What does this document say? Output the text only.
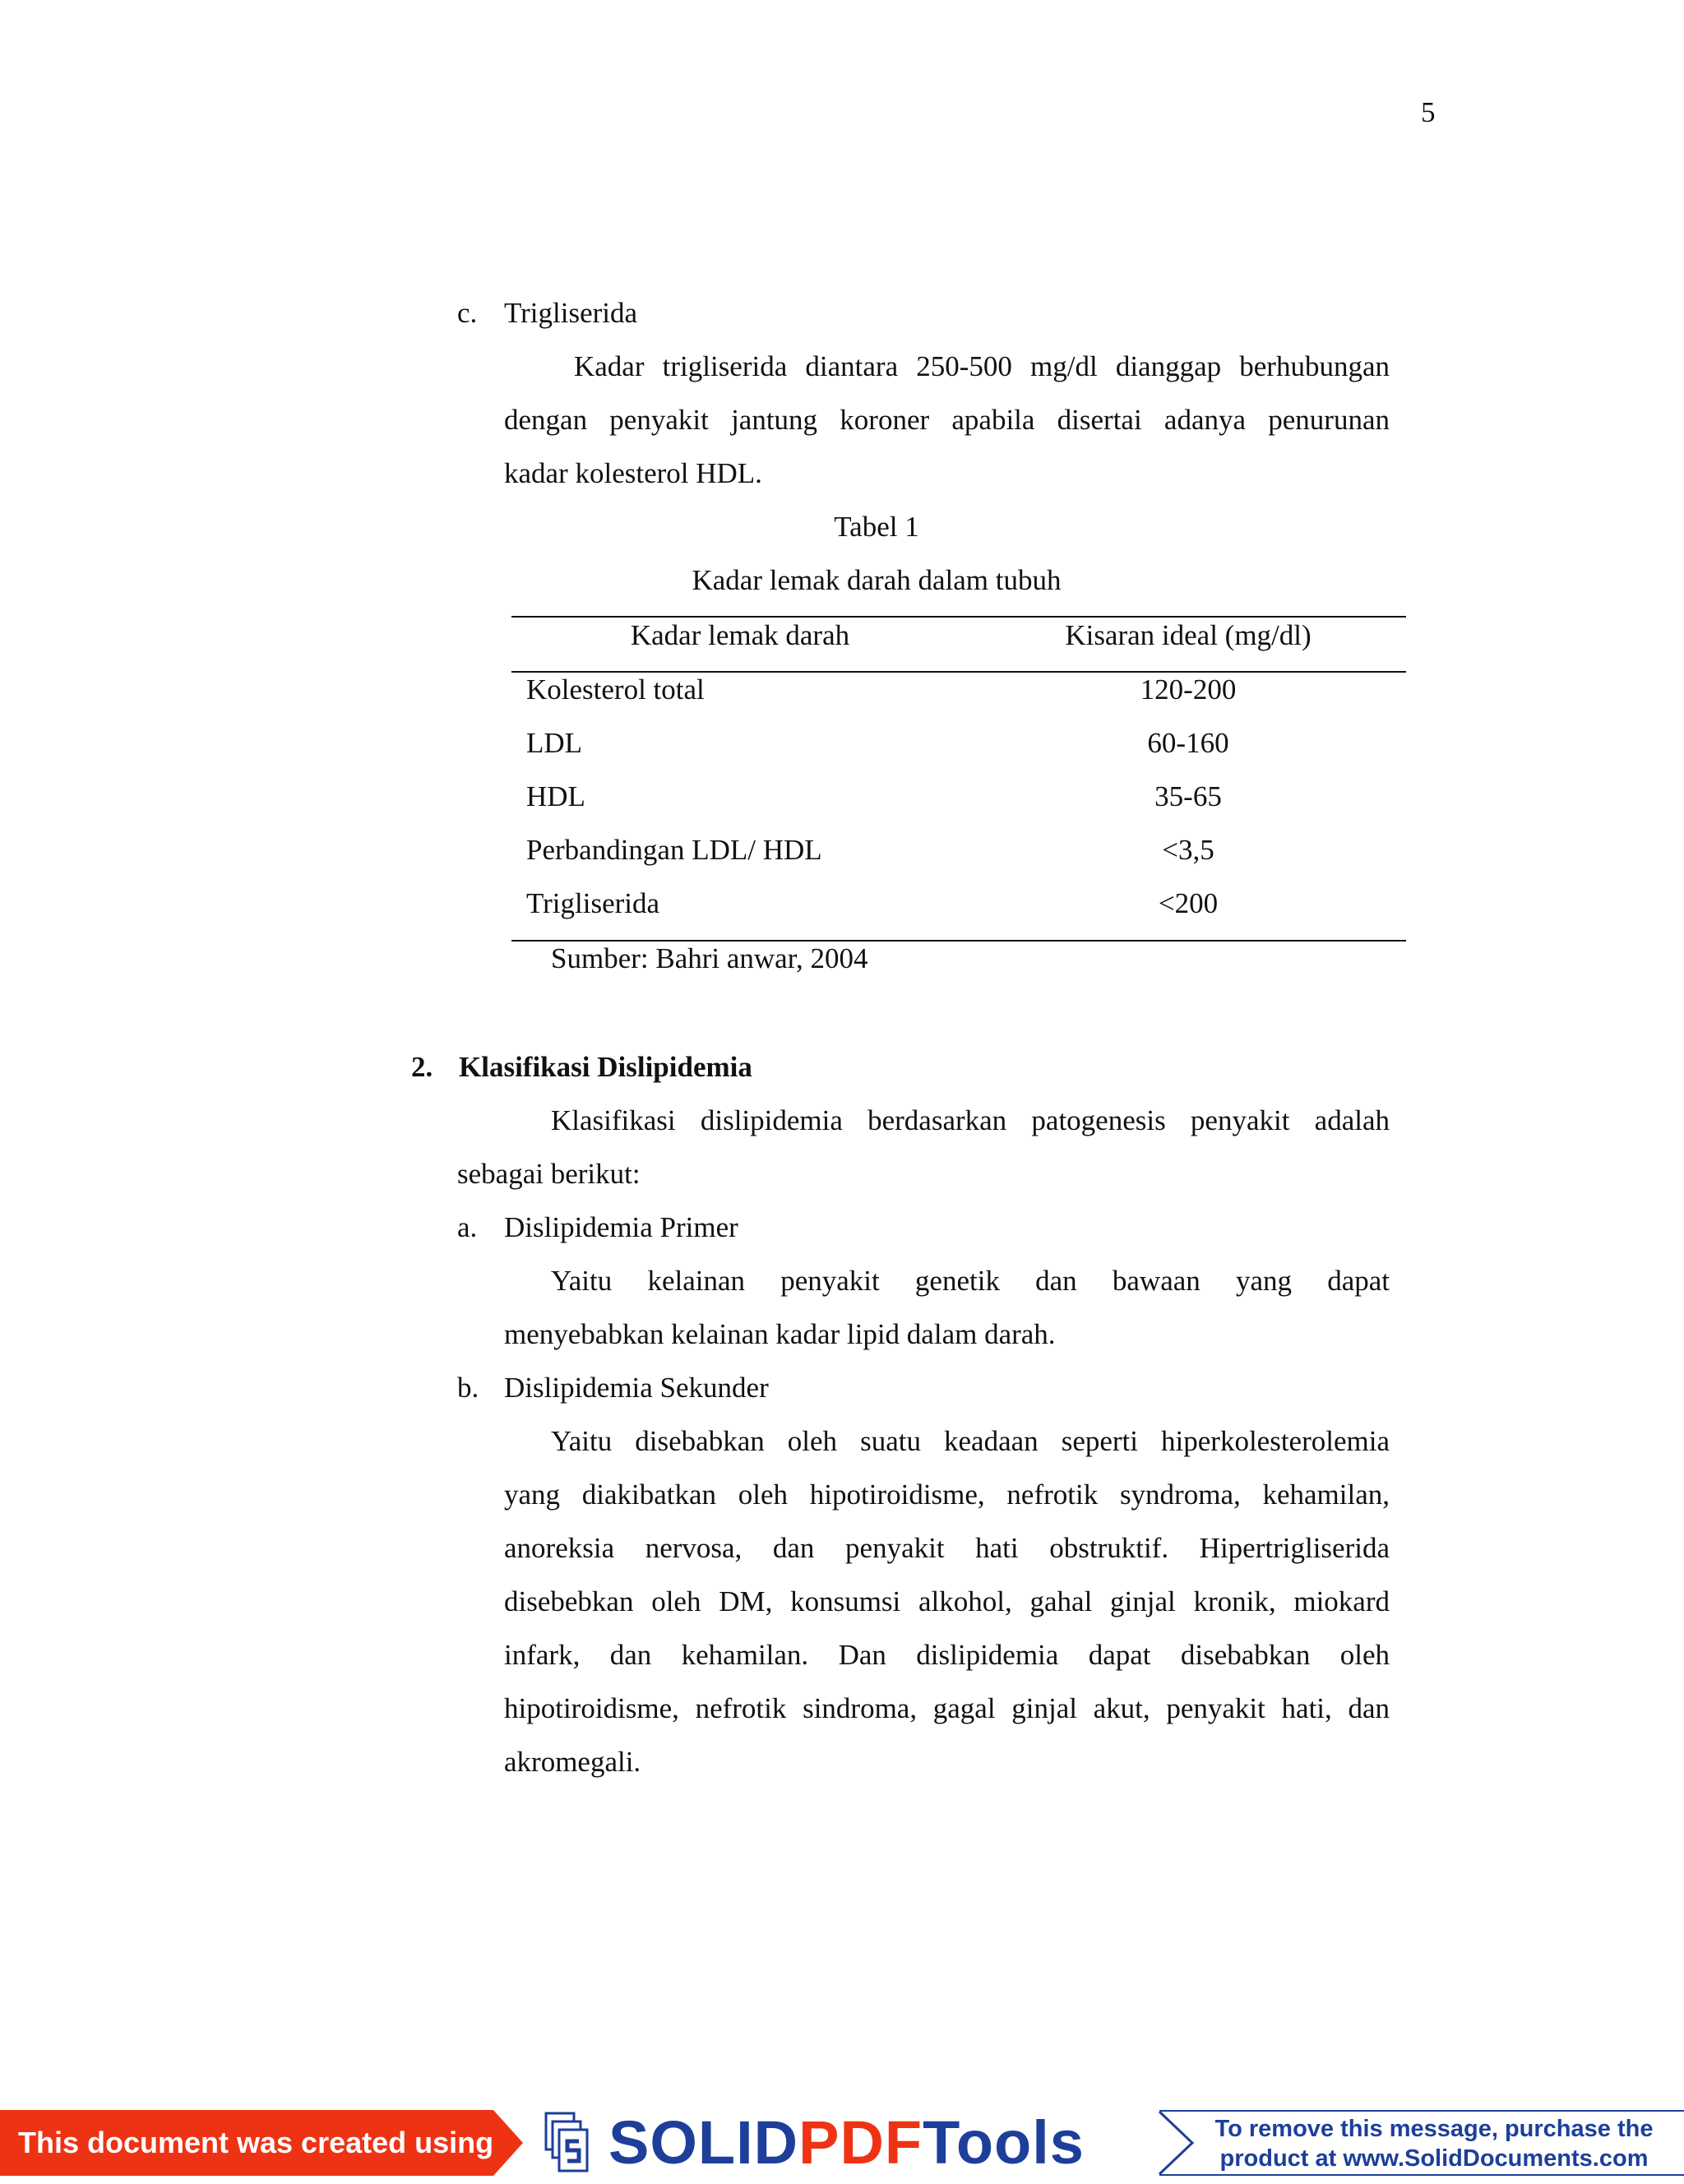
5
c. Trigliserida
Kadar trigliserida diantara 250-500 mg/dl dianggap berhubungan
dengan penyakit jantung koroner apabila disertai adanya penurunan
kadar kolesterol HDL.
Tabel 1
Kadar lemak darah dalam tubuh
Kadar lemak darah	Kisaran ideal (mg/dl)
Kolesterol total	120-200
LDL	60-160
HDL	35-65
Perbandingan LDL/ HDL	<3,5
Trigliserida	<200
Sumber: Bahri anwar, 2004
2. Klasifikasi Dislipidemia
Klasifikasi dislipidemia berdasarkan patogenesis penyakit adalah
sebagai berikut:
a. Dislipidemia Primer
Yaitu kelainan penyakit genetik dan bawaan yang dapat
menyebabkan kelainan kadar lipid dalam darah.
b. Dislipidemia Sekunder
Yaitu disebabkan oleh suatu keadaan seperti hiperkolesterolemia
yang diakibatkan oleh hipotiroidisme, nefrotik syndroma, kehamilan,
anoreksia nervosa, dan penyakit hati obstruktif. Hipertrigliserida
disebebkan oleh DM, konsumsi alkohol, gahal ginjal kronik, miokard
infark, dan kehamilan. Dan dislipidemia dapat disebabkan oleh
hipotiroidisme, nefrotik sindroma, gagal ginjal akut, penyakit hati, dan
akromegali.
This document was created using SOLIDPDFTools	To remove this message, purchase the
product at www.SolidDocuments.com
